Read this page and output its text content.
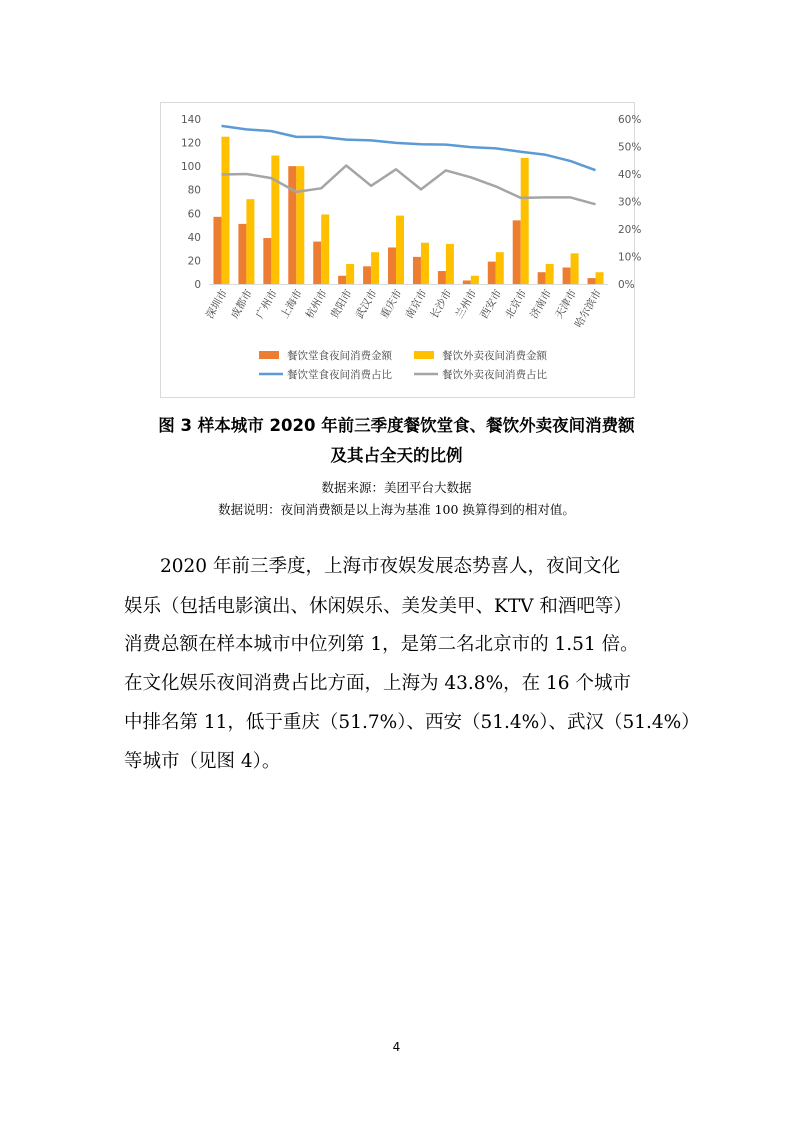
0
20
40
60
80
100
120
140
0%
10%
20%
30%
40%
50%
60%
深圳市
成都市
广州市
上海市
杭州市
贵阳市
武汉市
重庆市
南京市
长沙市
兰州市
西安市
北京市
济南市
天津市
哈尔滨市
餐饮堂食夜间消费金额	餐饮外卖夜间消费金额
餐饮堂食夜间消费占比	餐饮外卖夜间消费占比
图 3 样本城市 2020 年前三季度餐饮堂食、餐饮外卖夜间消费额
及其占全天的比例
数据来源：美团平台大数据
数据说明：夜间消费额是以上海为基准 100 换算得到的相对值。
2020 年前三季度，上海市夜娱发展态势喜人，夜间文化
娱乐（包括电影演出、休闲娱乐、美发美甲、KTV 和酒吧等）
消费总额在样本城市中位列第 1，是第二名北京市的 1.51 倍。
在文化娱乐夜间消费占比方面，上海为 43.8%，在 16 个城市
中排名第 11，低于重庆（51.7%）、西安（51.4%）、武汉（51.4%）
等城市（见图 4）。
4
